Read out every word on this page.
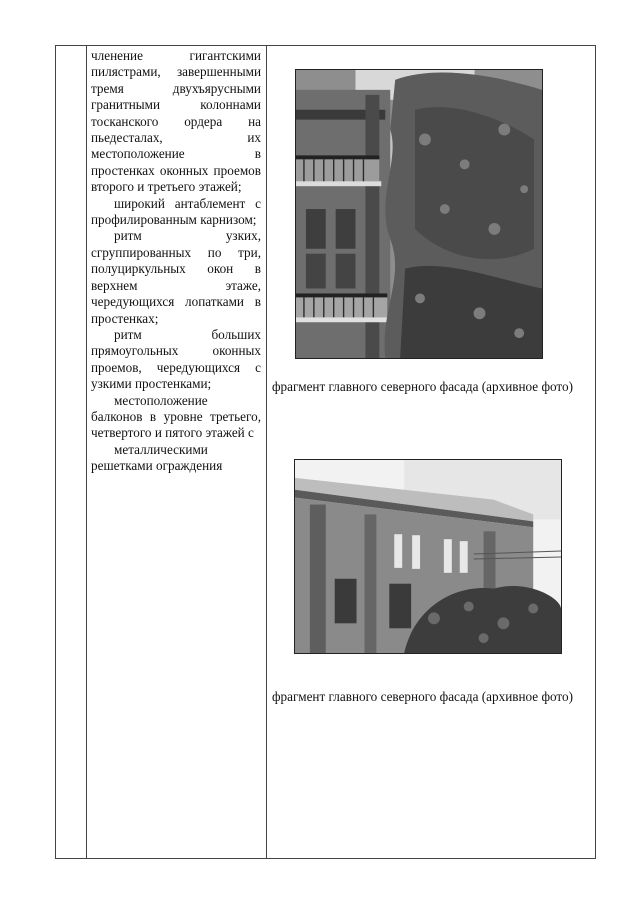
членение гигантскими пилястрами, завершенными тремя двухъярусными гранитными колоннами тосканского ордера на пьедесталах, их местоположение в простенках оконных проемов второго и третьего этажей;

широкий антаблемент с профилированным карнизом;

ритм узких, сгруппированных по три, полуциркульных окон в верхнем этаже, чередующихся лопатками в простенках;

ритм больших прямоугольных оконных проемов, чередующихся с узкими простенками;

местоположение балконов в уровне третьего, четвертого и пятого этажей с

металлическими решетками ограждения

фрагмент главного северного фасада (архивное фото)

фрагмент главного северного фасада (архивное фото)
